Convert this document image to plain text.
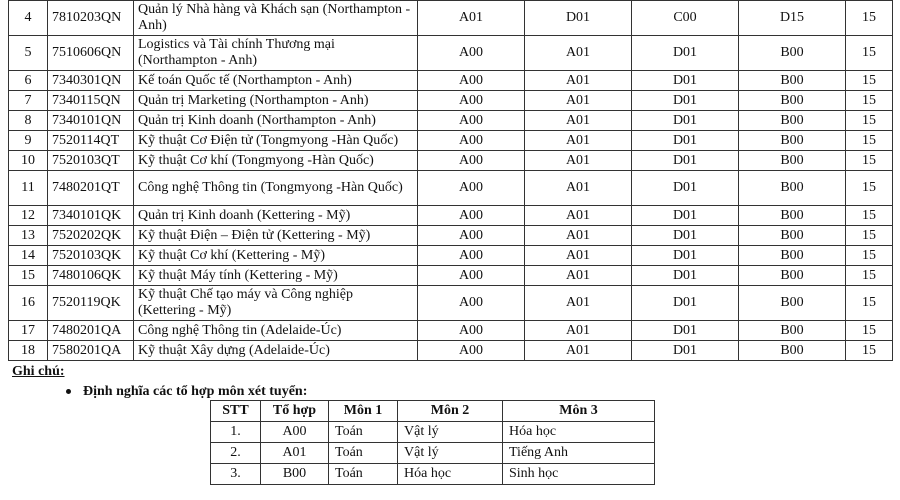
4	7810203QN	Quản lý Nhà hàng và Khách sạn (Northampton - Anh)	A01	D01	C00	D15	15
5	7510606QN	Logistics và Tài chính Thương mại (Northampton - Anh)	A00	A01	D01	B00	15
6	7340301QN	Kế toán Quốc tế (Northampton - Anh)	A00	A01	D01	B00	15
7	7340115QN	Quản trị Marketing (Northampton - Anh)	A00	A01	D01	B00	15
8	7340101QN	Quản trị Kinh doanh (Northampton - Anh)	A00	A01	D01	B00	15
9	7520114QT	Kỹ thuật Cơ Điện tử (Tongmyong -Hàn Quốc)	A00	A01	D01	B00	15
10	7520103QT	Kỹ thuật Cơ khí (Tongmyong -Hàn Quốc)	A00	A01	D01	B00	15
11	7480201QT	Công nghệ Thông tin (Tongmyong -Hàn Quốc)	A00	A01	D01	B00	15
12	7340101QK	Quản trị Kinh doanh (Kettering - Mỹ)	A00	A01	D01	B00	15
13	7520202QK	Kỹ thuật Điện – Điện tử (Kettering - Mỹ)	A00	A01	D01	B00	15
14	7520103QK	Kỹ thuật Cơ khí (Kettering - Mỹ)	A00	A01	D01	B00	15
15	7480106QK	Kỹ thuật Máy tính (Kettering - Mỹ)	A00	A01	D01	B00	15
16	7520119QK	Kỹ thuật Chế tạo máy và Công nghiệp (Kettering - Mỹ)	A00	A01	D01	B00	15
17	7480201QA	Công nghệ Thông tin (Adelaide-Úc)	A00	A01	D01	B00	15
18	7580201QA	Kỹ thuật Xây dựng (Adelaide-Úc)	A00	A01	D01	B00	15
Ghi chú:
Định nghĩa các tổ hợp môn xét tuyển:
STT	Tổ hợp	Môn 1	Môn 2	Môn 3
1.	A00	Toán	Vật lý	Hóa học
2.	A01	Toán	Vật lý	Tiếng Anh
3.	B00	Toán	Hóa học	Sinh học
